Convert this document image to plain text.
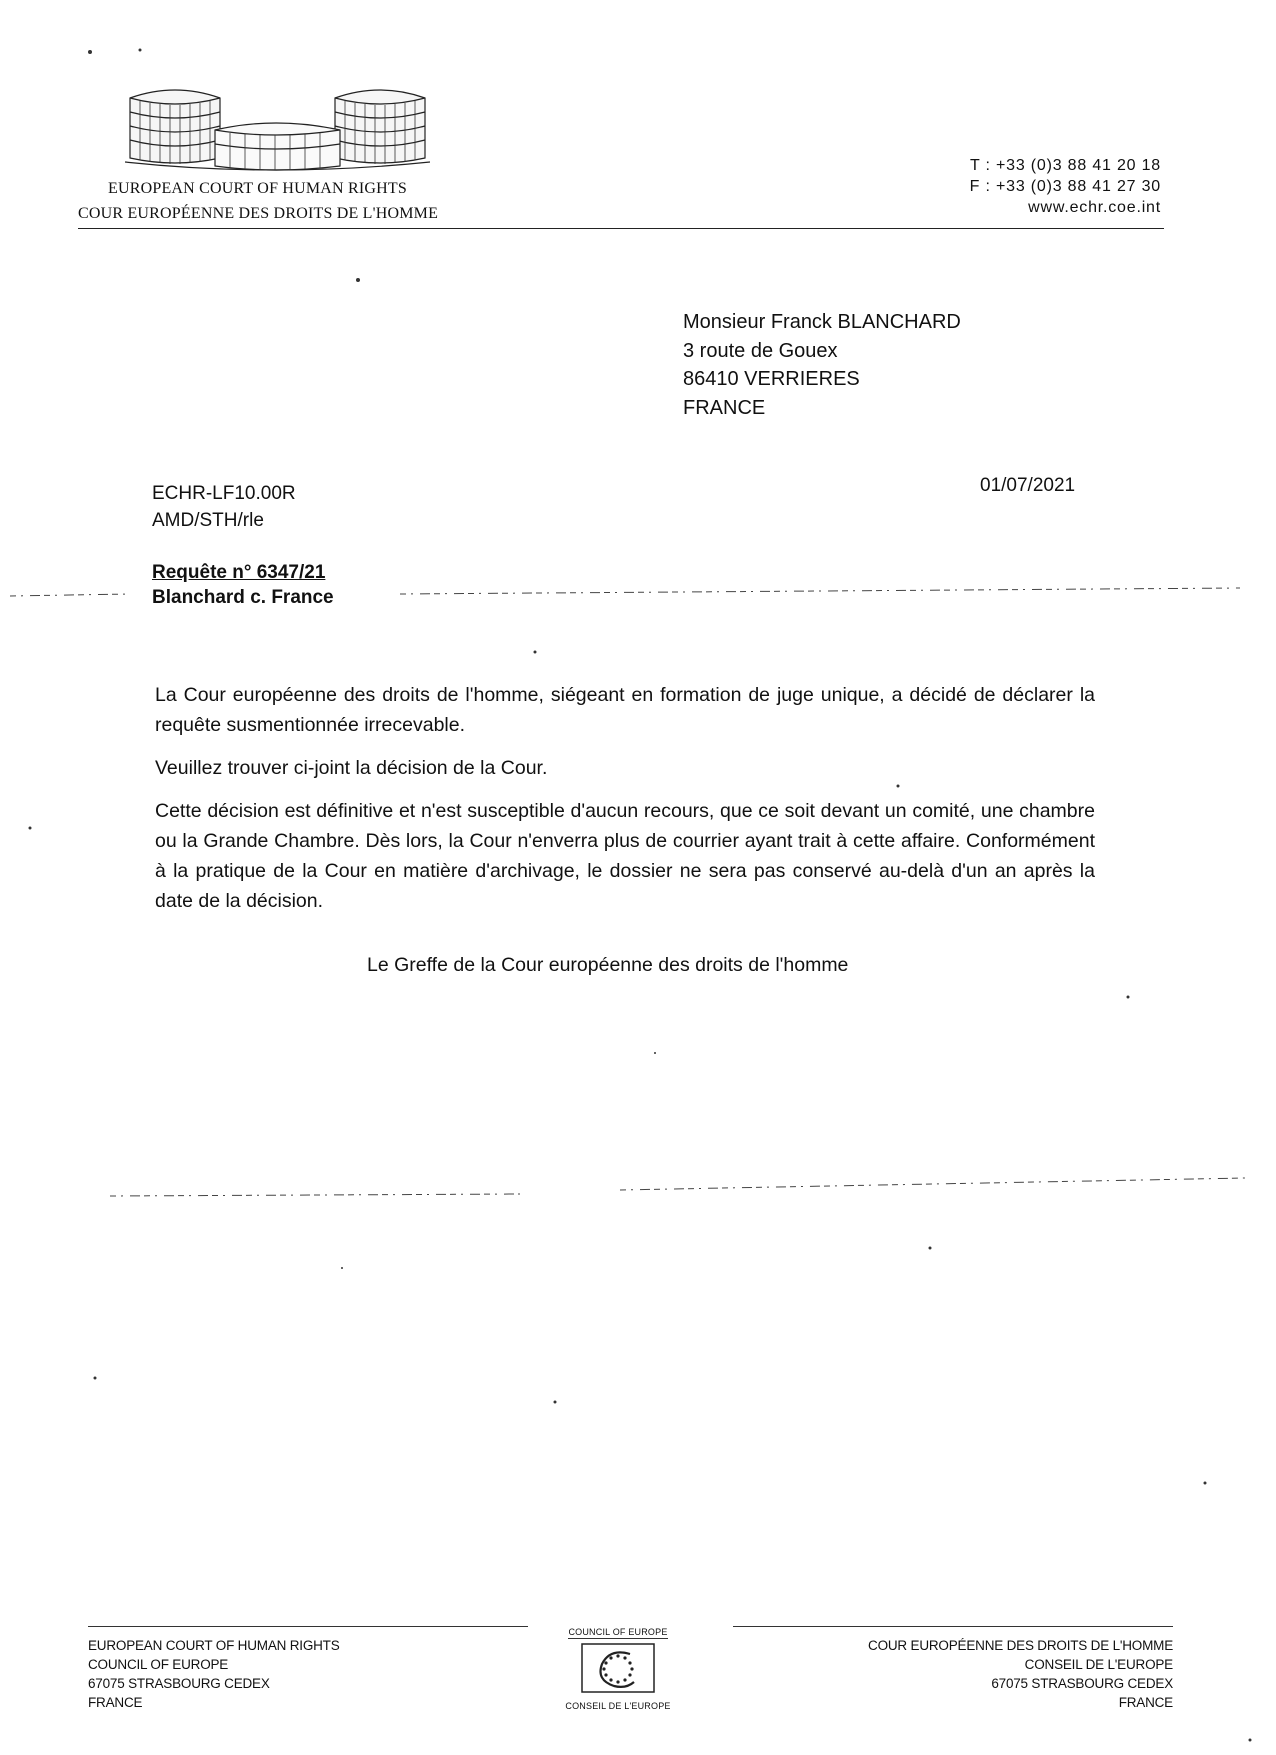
EUROPEAN COURT OF HUMAN RIGHTS
COUR EUROPÉENNE DES DROITS DE L'HOMME
T : +33 (0)3 88 41 20 18
F : +33 (0)3 88 41 27 30
www.echr.coe.int
Monsieur Franck BLANCHARD
3 route de Gouex
86410 VERRIERES
FRANCE
ECHR-LF10.00R
AMD/STH/rle
01/07/2021
Requête n° 6347/21
Blanchard c. France

La Cour européenne des droits de l'homme, siégeant en formation de juge unique, a décidé de déclarer la requête susmentionnée irrecevable.

Veuillez trouver ci-joint la décision de la Cour.

Cette décision est définitive et n'est susceptible d'aucun recours, que ce soit devant un comité, une chambre ou la Grande Chambre. Dès lors, la Cour n'enverra plus de courrier ayant trait à cette affaire. Conformément à la pratique de la Cour en matière d'archivage, le dossier ne sera pas conservé au-delà d'un an après la date de la décision.

Le Greffe de la Cour européenne des droits de l'homme
EUROPEAN COURT OF HUMAN RIGHTS
COUNCIL OF EUROPE
67075 STRASBOURG CEDEX
FRANCE
COUNCIL OF EUROPE
CONSEIL DE L'EUROPE
COUR EUROPÉENNE DES DROITS DE L'HOMME
CONSEIL DE L'EUROPE
67075 STRASBOURG CEDEX
FRANCE
